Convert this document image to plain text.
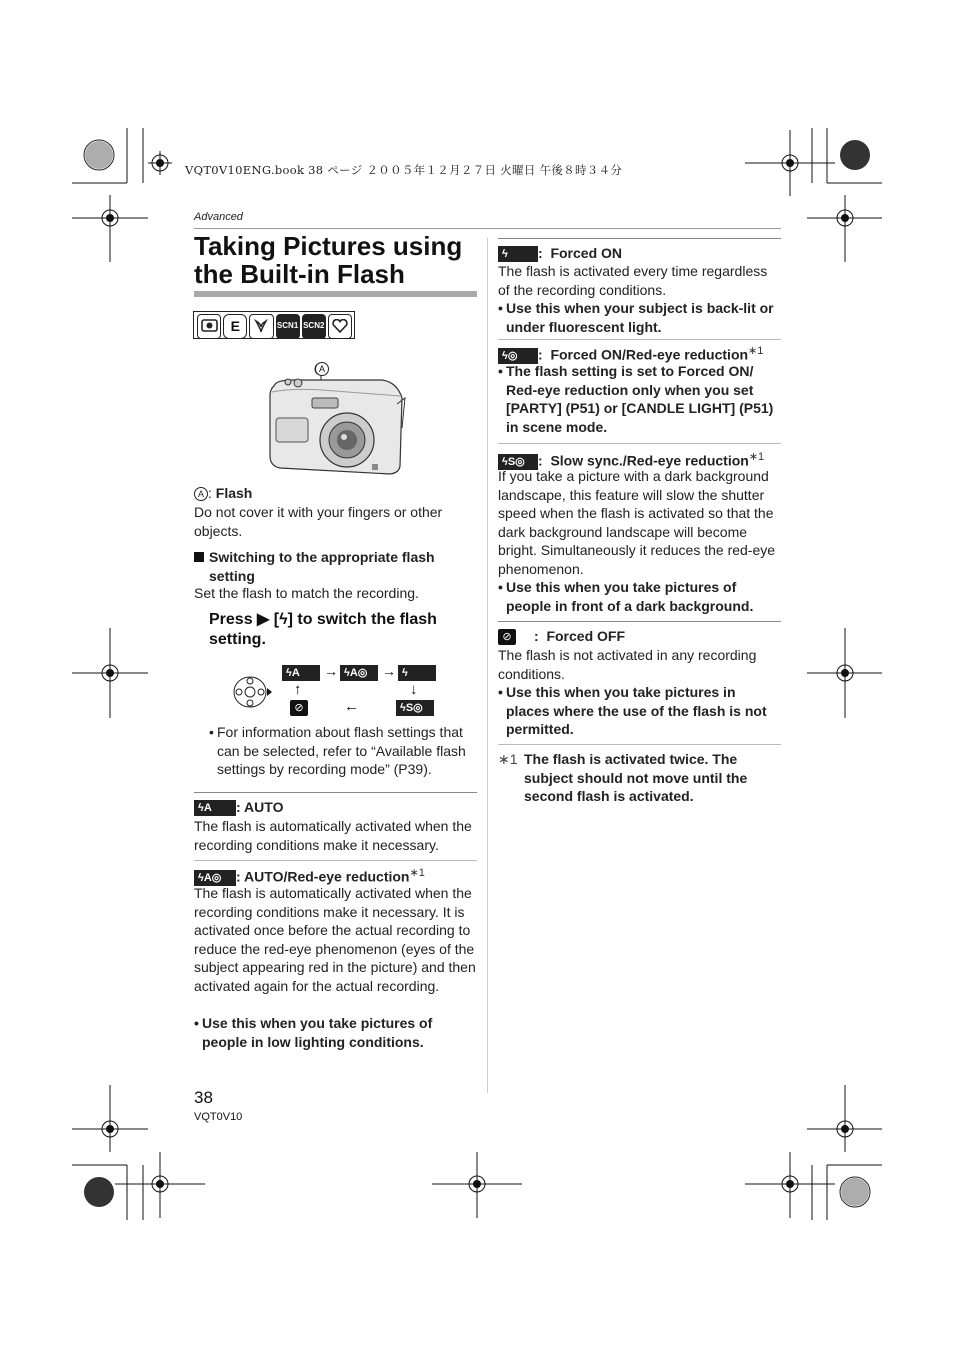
VQT0V10ENG.book 38 ページ ２００５年１２月２７日 火曜日 午後８時３４分
Advanced
Taking Pictures using
the Built-in Flash
E	SCN1 SCN2
A
A : Flash
Do not cover it with your fingers or other objects.
Switching to the appropriate flash setting
Set the flash to match the recording.
Press ▶ [ϟ] to switch the flash
setting.
ϟA	→ ϟA◎	→ ϟ
↑	↓
⊘	←	ϟS◎
• For information about flash settings that can be selected, refer to “Available flash settings by recording mode” (P39).
ϟA : AUTO
The flash is automatically activated when the recording conditions make it necessary.
ϟA◎ : AUTO/Red-eye reduction$^{∗1}$
The flash is automatically activated when the recording conditions make it necessary. It is activated once before the actual recording to reduce the red-eye phenomenon (eyes of the subject appearing red in the picture) and then activated again for the actual recording.
• Use this when you take pictures of people in low lighting conditions.
38
VQT0V10
ϟ :  Forced ON
The flash is activated every time regardless of the recording conditions.
• Use this when your subject is back-lit or under fluorescent light.
ϟ◎ :  Forced ON/Red-eye reduction$^{∗1}$
• The flash setting is set to Forced ON/ Red-eye reduction only when you set [PARTY] (P51) or [CANDLE LIGHT] (P51) in scene mode.
ϟS◎ :  Slow sync./Red-eye reduction$^{∗1}$
If you take a picture with a dark background landscape, this feature will slow the shutter speed when the flash is activated so that the dark background landscape will become bright. Simultaneously it reduces the red-eye phenomenon.
• Use this when you take pictures of people in front of a dark background.
⊘ :  Forced OFF
The flash is not activated in any recording conditions.
• Use this when you take pictures in places where the use of the flash is not permitted.
∗1 The flash is activated twice. The subject should not move until the second flash is activated.
